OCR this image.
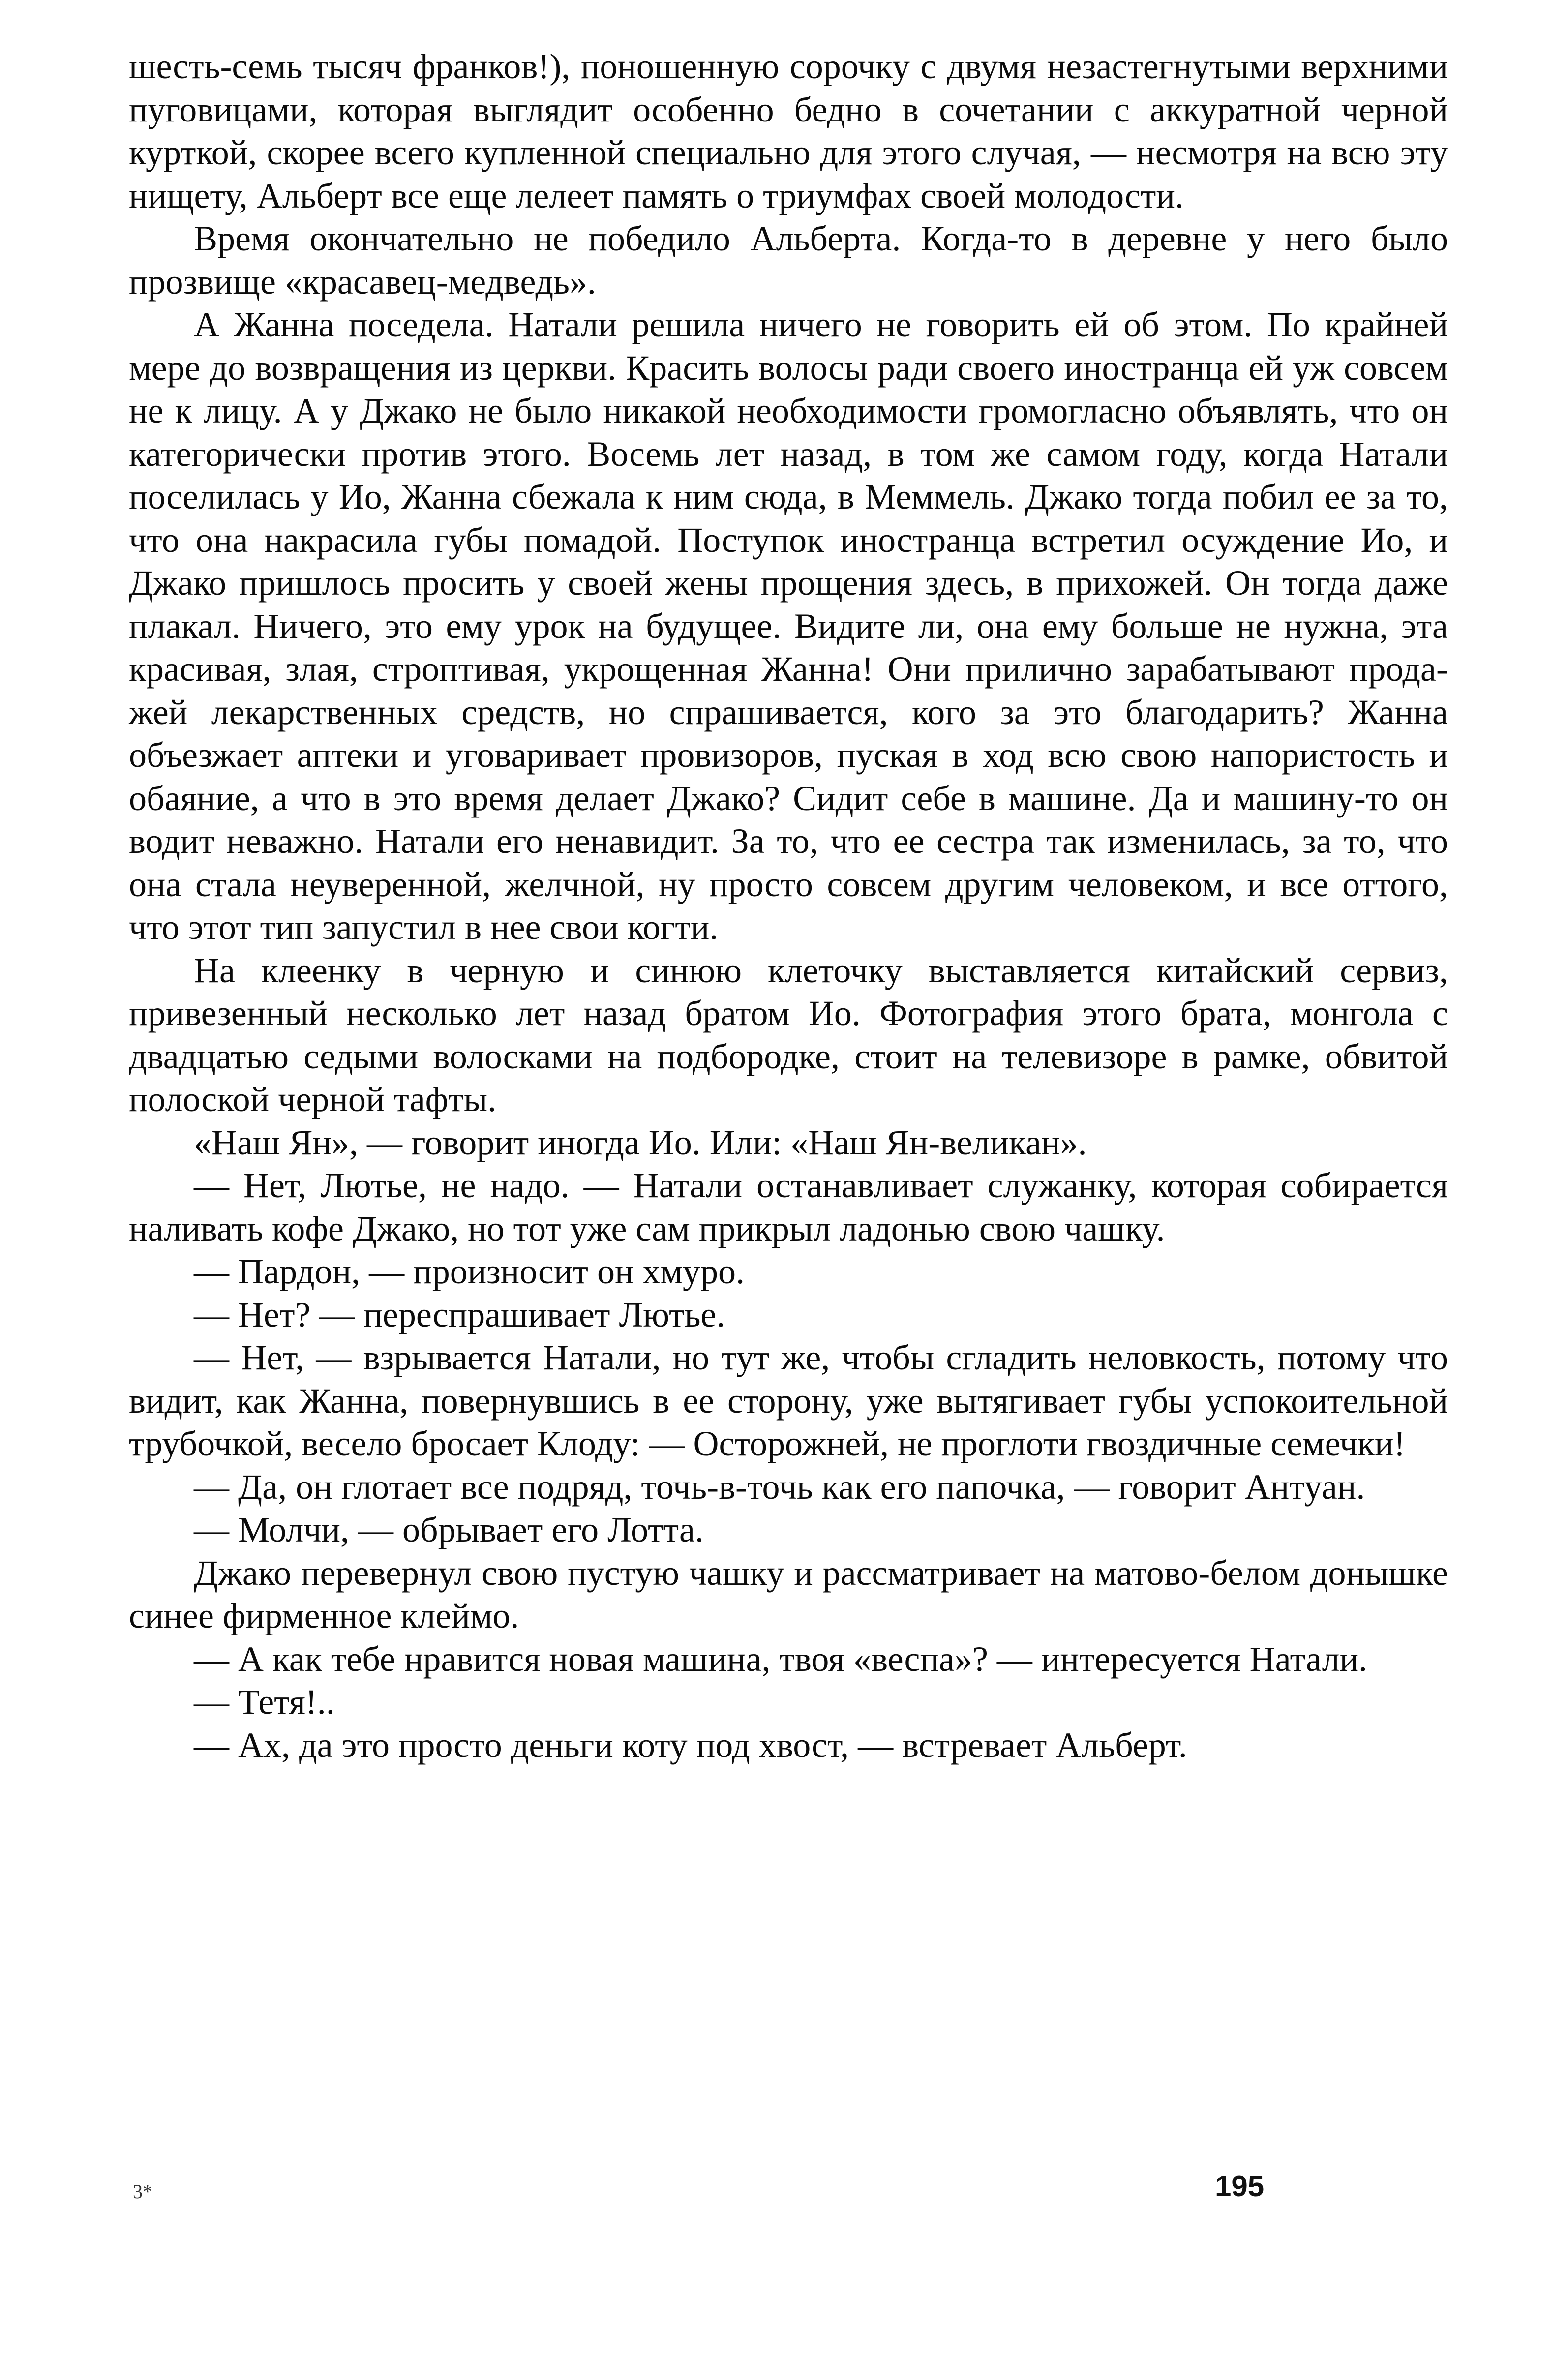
шесть-семь тысяч франков!), поношенную сорочку с двумя незастегнутыми верхними пуговицами, которая выглядит особенно бедно в сочетании с аккуратной черной курткой, скорее всего купленной специально для этого случая, — несмотря на всю эту нищету, Альберт все еще лелеет память о триумфах своей молодости.

Время окончательно не победило Альберта. Когда-то в деревне у него было прозвище «красавец-медведь».

А Жанна поседела. Натали решила ничего не говорить ей об этом. По крайней мере до возвращения из церкви. Красить волосы ради своего иностранца ей уж совсем не к лицу. А у Джако не было никакой необходимости громогласно объявлять, что он категорически против этого. Восемь лет назад, в том же самом году, когда Натали поселилась у Ио, Жанна сбежала к ним сюда, в Меммель. Джако тогда побил ее за то, что она накрасила губы помадой. Поступок иностранца встретил осуждение Ио, и Джако пришлось просить у своей жены прощения здесь, в прихожей. Он тогда даже плакал. Ничего, это ему урок на будущее. Видите ли, она ему больше не нужна, эта красивая, злая, строптивая, укрощенная Жанна! Они прилично зарабатывают продажей лекарственных средств, но спрашивается, кого за это благодарить? Жанна объезжает аптеки и уговаривает провизоров, пуская в ход всю свою напористость и обаяние, а что в это время делает Джако? Сидит себе в машине. Да и машину-то он водит неважно. Натали его ненавидит. За то, что ее сестра так изменилась, за то, что она стала неуверенной, желчной, ну просто совсем другим человеком, и все оттого, что этот тип запустил в нее свои когти.

На клеенку в черную и синюю клеточку выставляется китайский сервиз, привезенный несколько лет назад братом Ио. Фотография этого брата, монгола с двадцатью седыми волосками на подбородке, стоит на телевизоре в рамке, обвитой полоской черной тафты.

«Наш Ян», — говорит иногда Ио. Или: «Наш Ян-великан».

— Нет, Лютье, не надо. — Натали останавливает служанку, которая собирается наливать кофе Джако, но тот уже сам прикрыл ладонью свою чашку.

— Пардон, — произносит он хмуро.

— Нет? — переспрашивает Лютье.

— Нет, — взрывается Натали, но тут же, чтобы сгладить неловкость, потому что видит, как Жанна, повернувшись в ее сторону, уже вытягивает губы успокоительной трубочкой, весело бросает Клоду: — Осторожней, не проглоти гвоздичные семечки!

— Да, он глотает все подряд, точь-в-точь как его папочка, — говорит Антуан.

— Молчи, — обрывает его Лотта.

Джако перевернул свою пустую чашку и рассматривает на матово-белом донышке синее фирменное клеймо.

— А как тебе нравится новая машина, твоя «веспа»? — интересуется Натали.

— Тетя!..

— Ах, да это просто деньги коту под хвост, — встревает Альберт.

3*	195
